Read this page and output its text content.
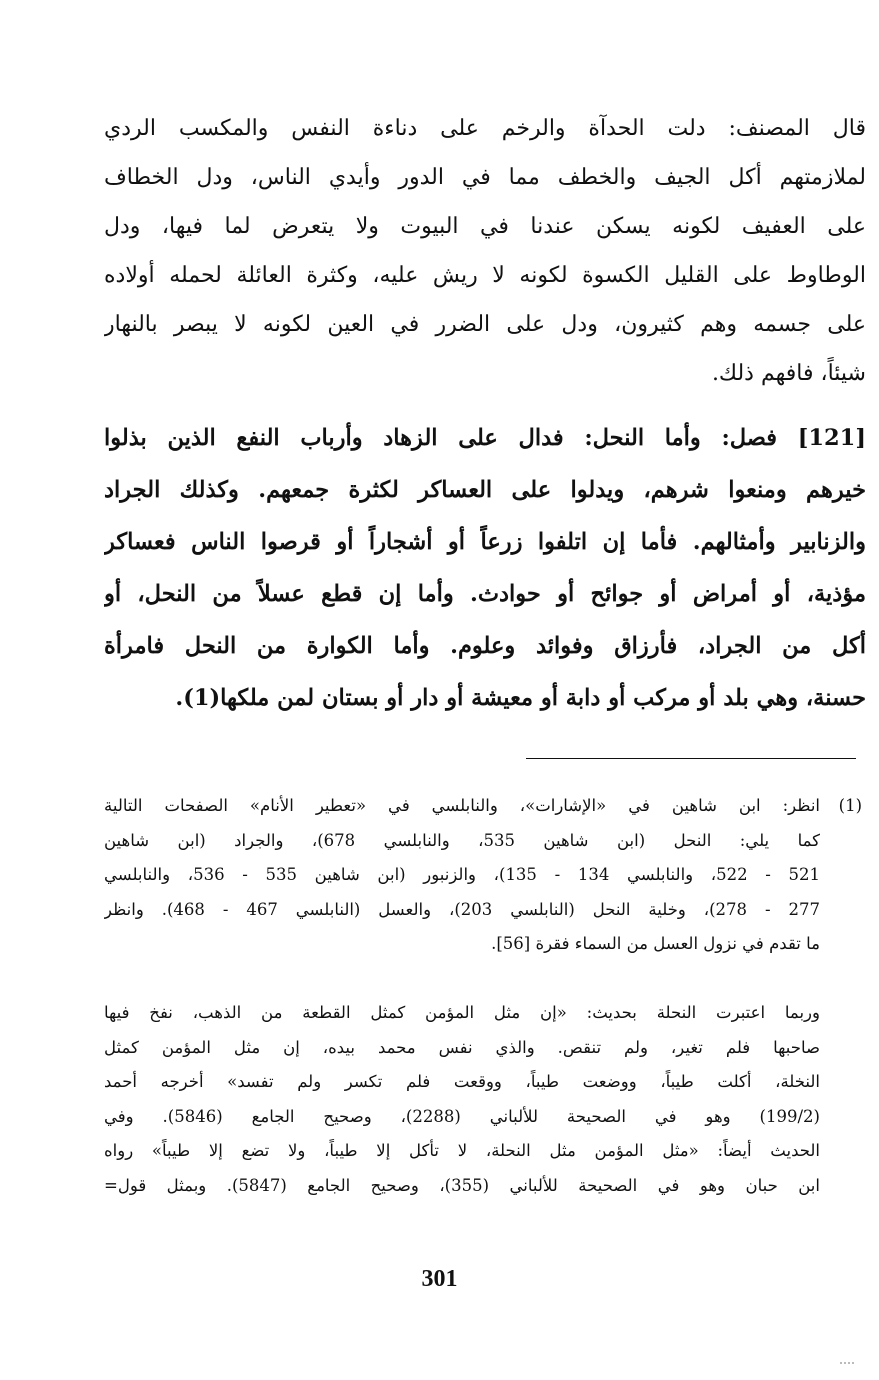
قال المصنف: دلت الحدآة والرخم على دناءة النفس والمكسب الردي
لملازمتهم أكل الجيف والخطف مما في الدور وأيدي الناس، ودل الخطاف
على العفيف لكونه يسكن عندنا في البيوت ولا يتعرض لما فيها، ودل
الوطاوط على القليل الكسوة لكونه لا ريش عليه، وكثرة العائلة لحمله أولاده
على جسمه وهم كثيرون، ودل على الضرر في العين لكونه لا يبصر بالنهار
شيئاً، فافهم ذلك.
[121] فصل: وأما النحل: فدال على الزهاد وأرباب النفع الذين بذلوا
خيرهم ومنعوا شرهم، ويدلوا على العساكر لكثرة جمعهم. وكذلك الجراد
والزنابير وأمثالهم. فأما إن اتلفوا زرعاً أو أشجاراً أو قرصوا الناس فعساكر
مؤذية، أو أمراض أو جوائح أو حوادث. وأما إن قطع عسلاً من النحل، أو
أكل من الجراد، فأرزاق وفوائد وعلوم. وأما الكوارة من النحل فامرأة
حسنة، وهي بلد أو مركب أو دابة أو معيشة أو دار أو بستان لمن ملكها(1).
(1)
انظر: ابن شاهين في «الإشارات»، والنابلسي في «تعطير الأنام» الصفحات التالية
كما يلي: النحل (ابن شاهين 535، والنابلسي 678)، والجراد (ابن شاهين
521 - 522، والنابلسي 134 - 135)، والزنبور (ابن شاهين 535 - 536، والنابلسي
277 - 278)، وخلية النحل (النابلسي 203)، والعسل (النابلسي 467 - 468). وانظر
ما تقدم في نزول العسل من السماء فقرة [56].
وربما اعتبرت النحلة بحديث: «إن مثل المؤمن كمثل القطعة من الذهب، نفخ فيها
صاحبها فلم تغير، ولم تنقص. والذي نفس محمد بيده، إن مثل المؤمن كمثل
النخلة، أكلت طيباً، ووضعت طيباً، ووقعت فلم تكسر ولم تفسد» أخرجه أحمد
(199/2) وهو في الصحيحة للألباني (2288)، وصحيح الجامع (5846). وفي
الحديث أيضاً: «مثل المؤمن مثل النحلة، لا تأكل إلا طيباً، ولا تضع إلا طيباً» رواه
ابن حبان وهو في الصحيحة للألباني (355)، وصحيح الجامع (5847). وبمثل قول=
301
